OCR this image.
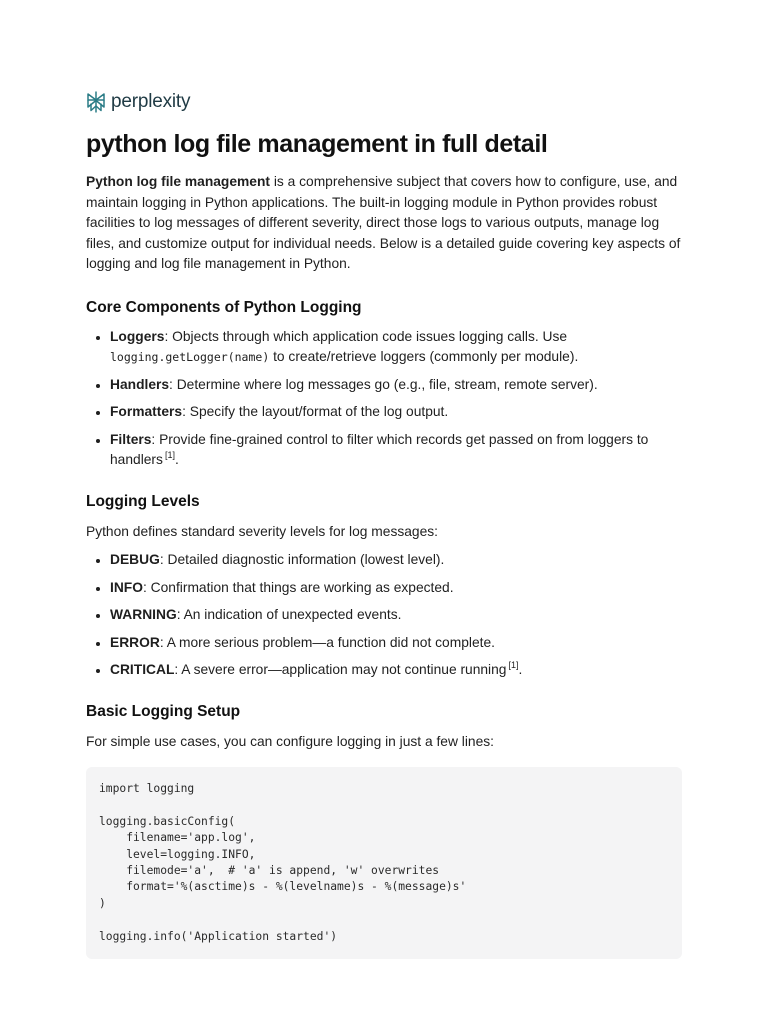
perplexity
python log file management in full detail

Python log file management is a comprehensive subject that covers how to configure, use, and maintain logging in Python applications. The built-in logging module in Python provides robust facilities to log messages of different severity, direct those logs to various outputs, manage log files, and customize output for individual needs. Below is a detailed guide covering key aspects of logging and log file management in Python.

Core Components of Python Logging
• Loggers: Objects through which application code issues logging calls. Use
logging.getLogger(name) to create/retrieve loggers (commonly per module).
• Handlers: Determine where log messages go (e.g., file, stream, remote server).
• Formatters: Specify the layout/format of the log output.
• Filters: Provide fine-grained control to filter which records get passed on from loggers to handlers [1].
Logging Levels

Python defines standard severity levels for log messages:

• DEBUG: Detailed diagnostic information (lowest level).
• INFO: Confirmation that things are working as expected.
• WARNING: An indication of unexpected events.
• ERROR: A more serious problem—a function did not complete.
• CRITICAL: A severe error—application may not continue running [1].
Basic Logging Setup

For simple use cases, you can configure logging in just a few lines:

import logging

logging.basicConfig(
filename='app.log',
level=logging.INFO,
filemode='a',  # 'a' is append, 'w' overwrites
format='%(asctime)s - %(levelname)s - %(message)s'
)

logging.info('Application started')
